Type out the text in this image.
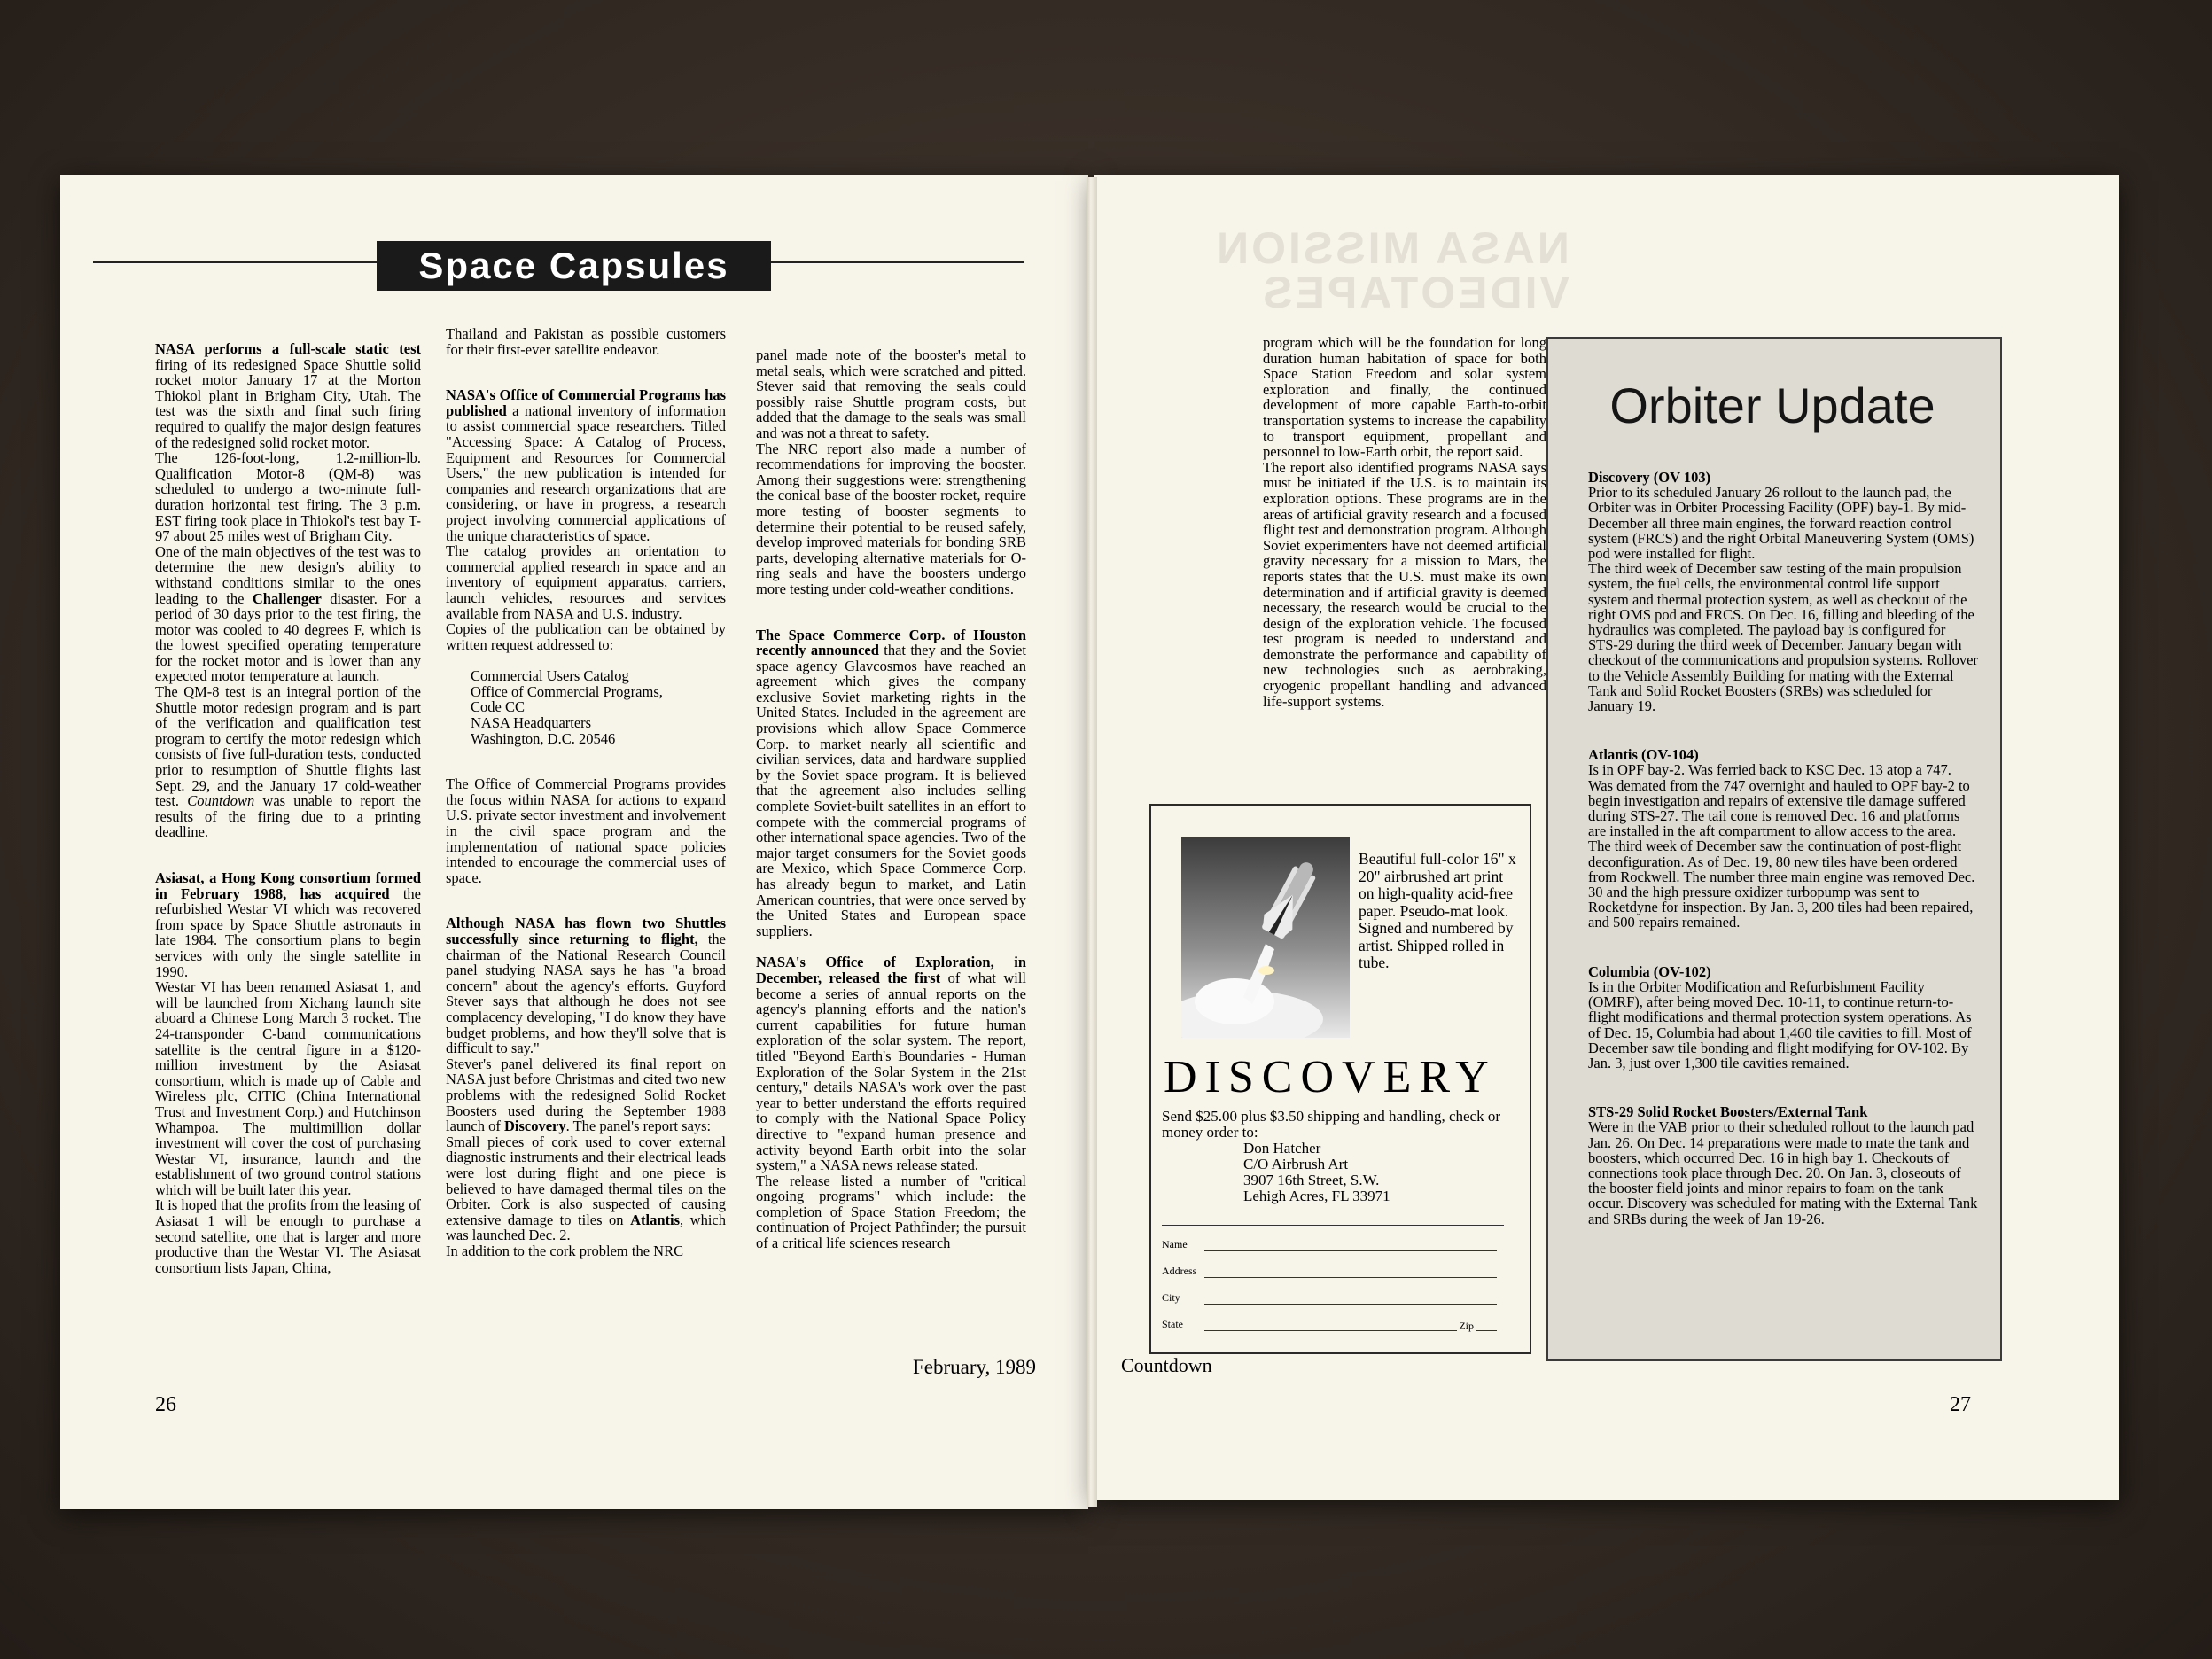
Space Capsules

NASA performs a full-scale static test firing of its redesigned Space Shuttle solid rocket motor January 17 at the Morton Thiokol plant in Brigham City, Utah. The test was the sixth and final such firing required to qualify the major design features of the redesigned solid rocket motor.

The 126-foot-long, 1.2-million-lb. Qualification Motor-8 (QM-8) was scheduled to undergo a two-minute full-duration horizontal test firing. The 3 p.m. EST firing took place in Thiokol's test bay T-97 about 25 miles west of Brigham City.

One of the main objectives of the test was to determine the new design's ability to withstand conditions similar to the ones leading to the Challenger disaster. For a period of 30 days prior to the test firing, the motor was cooled to 40 degrees F, which is the lowest specified operating temperature for the rocket motor and is lower than any expected motor temperature at launch.

The QM-8 test is an integral portion of the Shuttle motor redesign program and is part of the verification and qualification test program to certify the motor redesign which consists of five full-duration tests, conducted prior to resumption of Shuttle flights last Sept. 29, and the January 17 cold-weather test. Countdown was unable to report the results of the firing due to a printing deadline.

Asiasat, a Hong Kong consortium formed in February 1988, has acquired the refurbished Westar VI which was recovered from space by Space Shuttle astronauts in late 1984. The consortium plans to begin services with only the single satellite in 1990.

Westar VI has been renamed Asiasat 1, and will be launched from Xichang launch site aboard a Chinese Long March 3 rocket. The 24-transponder C-band communications satellite is the central figure in a $120-million investment by the Asiasat consortium, which is made up of Cable and Wireless plc, CITIC (China International Trust and Investment Corp.) and Hutchinson Whampoa. The multimillion dollar investment will cover the cost of purchasing Westar VI, insurance, launch and the establishment of two ground control stations which will be built later this year.

It is hoped that the profits from the leasing of Asiasat 1 will be enough to purchase a second satellite, one that is larger and more productive than the Westar VI. The Asiasat consortium lists Japan, China,

Thailand and Pakistan as possible customers for their first-ever satellite endeavor.

NASA's Office of Commercial Programs has published a national inventory of information to assist commercial space researchers. Titled "Accessing Space: A Catalog of Process, Equipment and Resources for Commercial Users," the new publication is intended for companies and research organizations that are considering, or have in progress, a research project involving commercial applications of the unique characteristics of space.

The catalog provides an orientation to commercial applied research in space and an inventory of equipment apparatus, carriers, launch vehicles, resources and services available from NASA and U.S. industry.

Copies of the publication can be obtained by written request addressed to:

Commercial Users Catalog

Office of Commercial Programs,

Code CC

NASA Headquarters

Washington, D.C. 20546

The Office of Commercial Programs provides the focus within NASA for actions to expand U.S. private sector investment and involvement in the civil space program and the implementation of national space policies intended to encourage the commercial uses of space.

Although NASA has flown two Shuttles successfully since returning to flight, the chairman of the National Research Council panel studying NASA says he has "a broad concern" about the agency's efforts. Guyford Stever says that although he does not see complacency developing, "I do know they have budget problems, and how they'll solve that is difficult to say."

Stever's panel delivered its final report on NASA just before Christmas and cited two new problems with the redesigned Solid Rocket Boosters used during the September 1988 launch of Discovery. The panel's report says:

Small pieces of cork used to cover external diagnostic instruments and their electrical leads were lost during flight and one piece is believed to have damaged thermal tiles on the Orbiter. Cork is also suspected of causing extensive damage to tiles on Atlantis, which was launched Dec. 2.

In addition to the cork problem the NRC

panel made note of the booster's metal to metal seals, which were scratched and pitted. Stever said that removing the seals could possibly raise Shuttle program costs, but added that the damage to the seals was small and was not a threat to safety.

The NRC report also made a number of recommendations for improving the booster. Among their suggestions were: strengthening the conical base of the booster rocket, require more testing of booster segments to determine their potential to be reused safely, develop improved materials for bonding SRB parts, developing alternative materials for O-ring seals and have the boosters undergo more testing under cold-weather conditions.

The Space Commerce Corp. of Houston recently announced that they and the Soviet space agency Glavcosmos have reached an agreement which gives the company exclusive Soviet marketing rights in the United States. Included in the agreement are provisions which allow Space Commerce Corp. to market nearly all scientific and civilian services, data and hardware supplied by the Soviet space program. It is believed that the agreement also includes selling complete Soviet-built satellites in an effort to compete with the commercial programs of other international space agencies. Two of the major target consumers for the Soviet goods are Mexico, which Space Commerce Corp. has already begun to market, and Latin American countries, that were once served by the United States and European space suppliers.

NASA's Office of Exploration, in December, released the first of what will become a series of annual reports on the agency's planning efforts and the nation's current capabilities for future human exploration of the solar system. The report, titled "Beyond Earth's Boundaries - Human Exploration of the Solar System in the 21st century," details NASA's work over the past year to better understand the efforts required to comply with the National Space Policy directive to "expand human presence and activity beyond Earth orbit into the solar system," a NASA news release stated.

The release listed a number of "critical ongoing programs" which include: the completion of Space Station Freedom; the continuation of Project Pathfinder; the pursuit of a critical life sciences research

26
February, 1989
NASA MISSION
VIDEOTAPES

program which will be the foundation for long duration human habitation of space for both Space Station Freedom and solar system exploration and finally, the continued development of more capable Earth-to-orbit transportation systems to increase the capability to transport equipment, propellant and personnel to low-Earth orbit, the report said.

The report also identified programs NASA says must be initiated if the U.S. is to maintain its exploration options. These programs are in the areas of artificial gravity research and a focused flight test and demonstration program. Although Soviet experimenters have not deemed artificial gravity necessary for a mission to Mars, the reports states that the U.S. must make its own determination and if artificial gravity is deemed necessary, the research would be crucial to the design of the exploration vehicle. The focused test program is needed to understand and demonstrate the performance and capability of new technologies such as aerobraking, cryogenic propellant handling and advanced life-support systems.

Orbiter Update
Discovery (OV 103)

Prior to its scheduled January 26 rollout to the launch pad, the Orbiter was in Orbiter Processing Facility (OPF) bay-1. By mid-December all three main engines, the forward reaction control system (FRCS) and the right Orbital Maneuvering System (OMS) pod were installed for flight.

The third week of December saw testing of the main propulsion system, the fuel cells, the environmental control life support system and thermal protection system, as well as checkout of the right OMS pod and FRCS. On Dec. 16, filling and bleeding of the hydraulics was completed. The payload bay is configured for STS-29 during the third week of December. January began with checkout of the communications and propulsion systems. Rollover to the Vehicle Assembly Building for mating with the External Tank and Solid Rocket Boosters (SRBs) was scheduled for January 19.

Atlantis (OV-104)

Is in OPF bay-2. Was ferried back to KSC Dec. 13 atop a 747. Was demated from the 747 overnight and hauled to OPF bay-2 to begin investigation and repairs of extensive tile damage suffered during STS-27. The tail cone is removed Dec. 16 and platforms are installed in the aft compartment to allow access to the area. The third week of December saw the continuation of post-flight deconfiguration. As of Dec. 19, 80 new tiles have been ordered from Rockwell. The number three main engine was removed Dec. 30 and the high pressure oxidizer turbopump was sent to Rocketdyne for inspection. By Jan. 3, 200 tiles had been repaired, and 500 repairs remained.

Columbia (OV-102)

Is in the Orbiter Modification and Refurbishment Facility (OMRF), after being moved Dec. 10-11, to continue return-to-flight modifications and thermal protection system operations. As of Dec. 15, Columbia had about 1,460 tile cavities to fill. Most of December saw tile bonding and flight modifying for OV-102. By Jan. 3, just over 1,300 tile cavities remained.

STS-29 Solid Rocket Boosters/External Tank

Were in the VAB prior to their scheduled rollout to the launch pad Jan. 26. On Dec. 14 preparations were made to mate the tank and boosters, which occurred Dec. 16 in high bay 1. Checkouts of connections took place through Dec. 20. On Jan. 3, closeouts of the booster field joints and minor repairs to foam on the tank occur. Discovery was scheduled for mating with the External Tank and SRBs during the week of Jan 19-26.

Beautiful full-color 16" x 20" airbrushed art print on high-quality acid-free paper. Pseudo-mat look. Signed and numbered by artist. Shipped rolled in tube.
DISCOVERY
Send $25.00 plus $3.50 shipping and handling, check or money order to:
Don Hatcher
C/O Airbrush Art
3907 16th Street, S.W.
Lehigh Acres, FL 33971
Name
Address
City
State	Zip
Countdown
27
